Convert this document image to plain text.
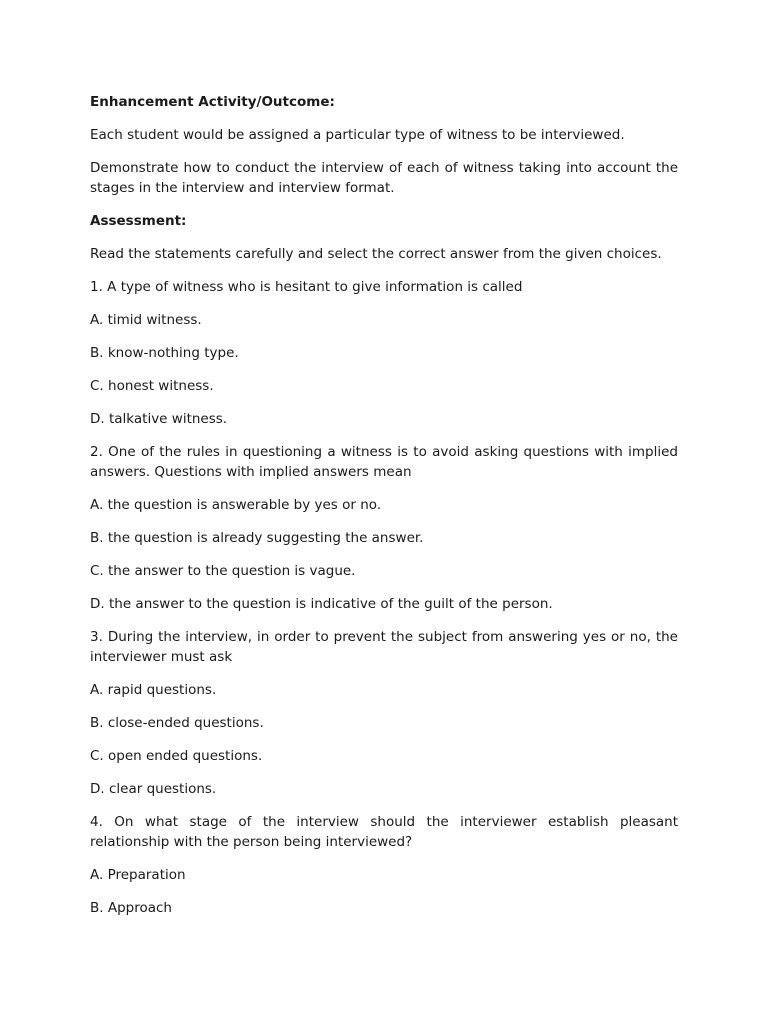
Enhancement Activity/Outcome:

Each student would be assigned a particular type of witness to be interviewed.

Demonstrate how to conduct the interview of each of witness taking into account the stages in the interview and interview format.

Assessment:

Read the statements carefully and select the correct answer from the given choices.

1. A type of witness who is hesitant to give information is called

A. timid witness.

B. know-nothing type.

C. honest witness.

D. talkative witness.

2. One of the rules in questioning a witness is to avoid asking questions with implied answers. Questions with implied answers mean

A. the question is answerable by yes or no.

B. the question is already suggesting the answer.

C. the answer to the question is vague.

D. the answer to the question is indicative of the guilt of the person.

3. During the interview, in order to prevent the subject from answering yes or no, the interviewer must ask

A. rapid questions.

B. close-ended questions.

C. open ended questions.

D. clear questions.

4. On what stage of the interview should the interviewer establish pleasant relationship with the person being interviewed?

A. Preparation

B. Approach
